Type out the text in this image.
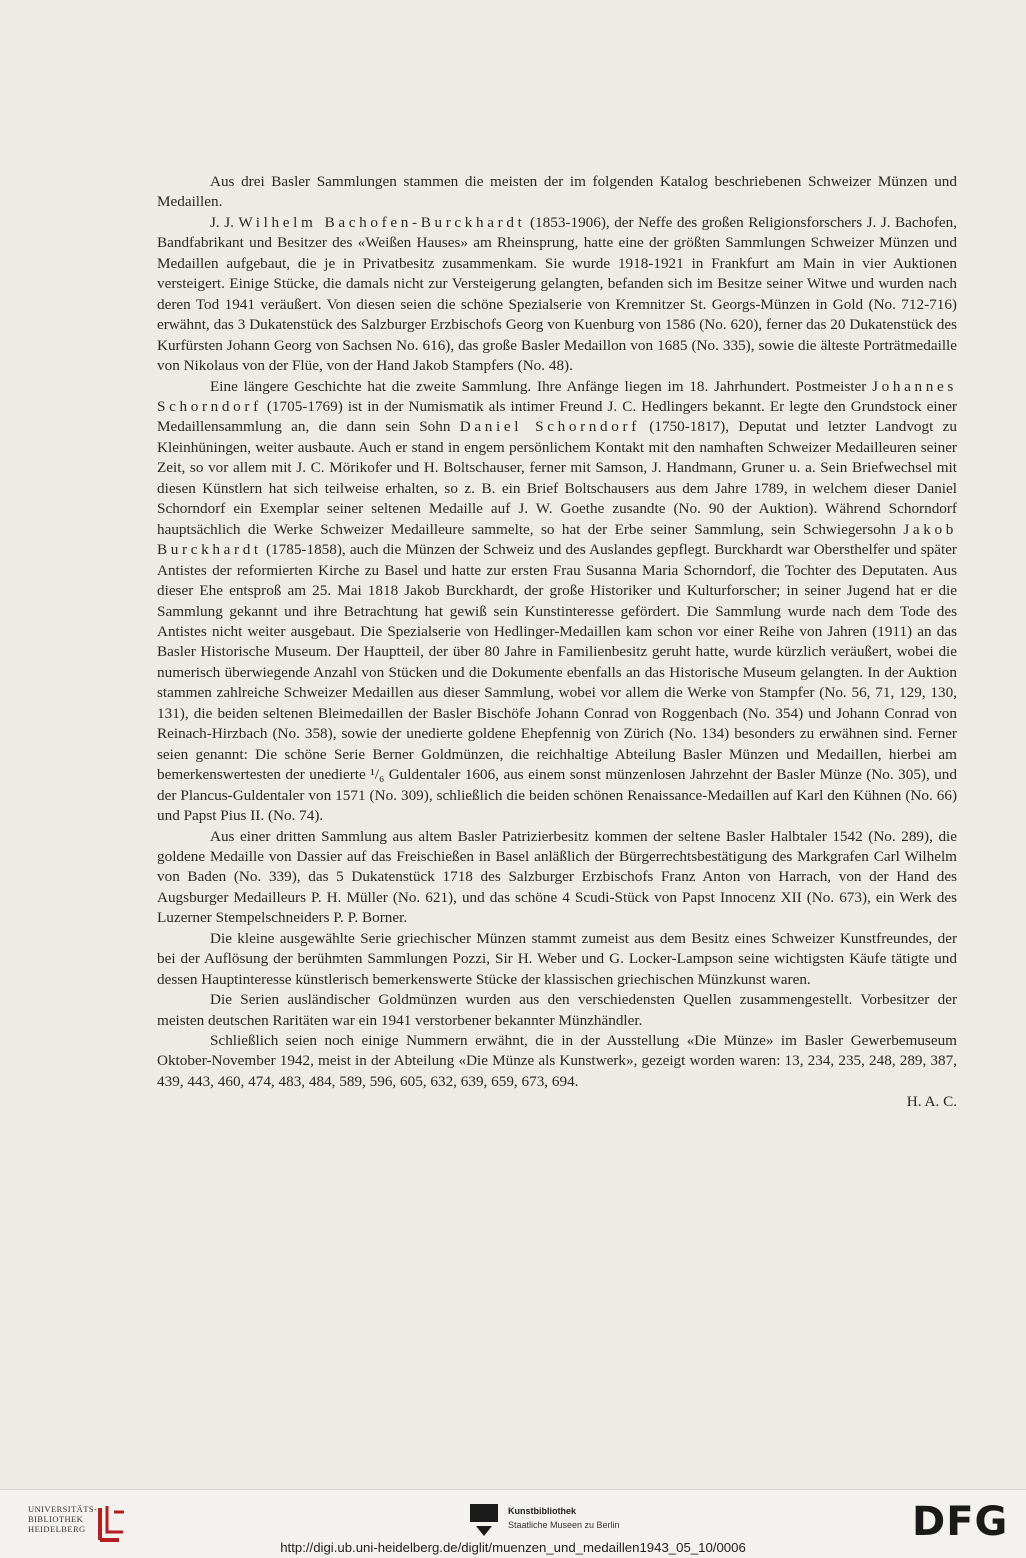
Aus drei Basler Sammlungen stammen die meisten der im folgenden Katalog beschriebenen Schweizer Münzen und Medaillen.

J. J. Wilhelm Bachofen-Burckhardt (1853-1906), der Neffe des großen Religionsforschers J. J. Bachofen, Bandfabrikant und Besitzer des «Weißen Hauses» am Rheinsprung, hatte eine der größten Sammlungen Schweizer Münzen und Medaillen aufgebaut, die je in Privatbesitz zusammenkam. Sie wurde 1918-1921 in Frankfurt am Main in vier Auktionen versteigert. Einige Stücke, die damals nicht zur Versteigerung gelangten, befanden sich im Besitze seiner Witwe und wurden nach deren Tod 1941 veräußert. Von diesen seien die schöne Spezialserie von Kremnitzer St. Georgs-Münzen in Gold (No. 712-716) erwähnt, das 3 Dukatenstück des Salzburger Erzbischofs Georg von Kuenburg von 1586 (No. 620), ferner das 20 Dukatenstück des Kurfürsten Johann Georg von Sachsen No. 616), das große Basler Medaillon von 1685 (No. 335), sowie die älteste Porträtmedaille von Nikolaus von der Flüe, von der Hand Jakob Stampfers (No. 48).

Eine längere Geschichte hat die zweite Sammlung. Ihre Anfänge liegen im 18. Jahrhundert. Postmeister Johannes Schorndorf (1705-1769) ist in der Numismatik als intimer Freund J. C. Hedlingers bekannt. Er legte den Grundstock einer Medaillensammlung an, die dann sein Sohn Daniel Schorndorf (1750-1817), Deputat und letzter Landvogt zu Kleinhüningen, weiter ausbaute. Auch er stand in engem persönlichem Kontakt mit den namhaften Schweizer Medailleuren seiner Zeit, so vor allem mit J. C. Mörikofer und H. Boltschauser, ferner mit Samson, J. Handmann, Gruner u. a. Sein Briefwechsel mit diesen Künstlern hat sich teilweise erhalten, so z. B. ein Brief Boltschausers aus dem Jahre 1789, in welchem dieser Daniel Schorndorf ein Exemplar seiner seltenen Medaille auf J. W. Goethe zusandte (No. 90 der Auktion). Während Schorndorf hauptsächlich die Werke Schweizer Medailleure sammelte, so hat der Erbe seiner Sammlung, sein Schwiegersohn Jakob Burckhardt (1785-1858), auch die Münzen der Schweiz und des Auslandes gepflegt. Burckhardt war Obersthelfer und später Antistes der reformierten Kirche zu Basel und hatte zur ersten Frau Susanna Maria Schorndorf, die Tochter des Deputaten. Aus dieser Ehe entsproß am 25. Mai 1818 Jakob Burckhardt, der große Historiker und Kulturforscher; in seiner Jugend hat er die Sammlung gekannt und ihre Betrachtung hat gewiß sein Kunstinteresse gefördert. Die Sammlung wurde nach dem Tode des Antistes nicht weiter ausgebaut. Die Spezialserie von Hedlinger-Medaillen kam schon vor einer Reihe von Jahren (1911) an das Basler Historische Museum. Der Hauptteil, der über 80 Jahre in Familienbesitz geruht hatte, wurde kürzlich veräußert, wobei die numerisch überwiegende Anzahl von Stücken und die Dokumente ebenfalls an das Historische Museum gelangten. In der Auktion stammen zahlreiche Schweizer Medaillen aus dieser Sammlung, wobei vor allem die Werke von Stampfer (No. 56, 71, 129, 130, 131), die beiden seltenen Bleimedaillen der Basler Bischöfe Johann Conrad von Roggenbach (No. 354) und Johann Conrad von Reinach-Hirzbach (No. 358), sowie der unedierte goldene Ehepfennig von Zürich (No. 134) besonders zu erwähnen sind. Ferner seien genannt: Die schöne Serie Berner Goldmünzen, die reichhaltige Abteilung Basler Münzen und Medaillen, hierbei am bemerkenswertesten der unedierte ¹/₆ Guldentaler 1606, aus einem sonst münzenlosen Jahrzehnt der Basler Münze (No. 305), und der Plancus-Guldentaler von 1571 (No. 309), schließlich die beiden schönen Renaissance-Medaillen auf Karl den Kühnen (No. 66) und Papst Pius II. (No. 74).

Aus einer dritten Sammlung aus altem Basler Patrizierbesitz kommen der seltene Basler Halbtaler 1542 (No. 289), die goldene Medaille von Dassier auf das Freischießen in Basel anläßlich der Bürgerrechtsbestätigung des Markgrafen Carl Wilhelm von Baden (No. 339), das 5 Dukatenstück 1718 des Salzburger Erzbischofs Franz Anton von Harrach, von der Hand des Augsburger Medailleurs P. H. Müller (No. 621), und das schöne 4 Scudi-Stück von Papst Innocenz XII (No. 673), ein Werk des Luzerner Stempelschneiders P. P. Borner.

Die kleine ausgewählte Serie griechischer Münzen stammt zumeist aus dem Besitz eines Schweizer Kunstfreundes, der bei der Auflösung der berühmten Sammlungen Pozzi, Sir H. Weber und G. Locker-Lampson seine wichtigsten Käufe tätigte und dessen Hauptinteresse künstlerisch bemerkenswerte Stücke der klassischen griechischen Münzkunst waren.

Die Serien ausländischer Goldmünzen wurden aus den verschiedensten Quellen zusammengestellt. Vorbesitzer der meisten deutschen Raritäten war ein 1941 verstorbener bekannter Münzhändler.

Schließlich seien noch einige Nummern erwähnt, die in der Ausstellung «Die Münze» im Basler Gewerbemuseum Oktober-November 1942, meist in der Abteilung «Die Münze als Kunstwerk», gezeigt worden waren: 13, 234, 235, 248, 289, 387, 439, 443, 460, 474, 483, 484, 589, 596, 605, 632, 639, 659, 673, 694.

H. A. C.

UNIVERSITÄTS-
BIBLIOTHEK
HEIDELBERG
Kunstbibliothek
Staatliche Museen zu Berlin	DFG
http://digi.ub.uni-heidelberg.de/diglit/muenzen_und_medaillen1943_05_10/0006
